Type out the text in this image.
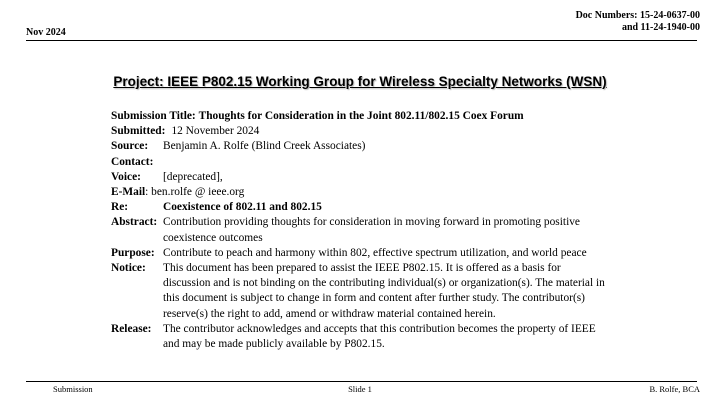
Doc Numbers: 15-24-0637-00
and 11-24-1940-00
Nov 2024
Project: IEEE P802.15 Working Group for Wireless Specialty Networks (WSN)
Submission Title: Thoughts for Consideration in the Joint 802.11/802.15 Coex Forum
Submitted: 12 November 2024
Source: Benjamin A. Rolfe (Blind Creek Associates)
Contact:
Voice: [deprecated],
E-Mail: ben.rolfe @ ieee.org
Re:	Coexistence of 802.11 and 802.15
Abstract: Contribution providing thoughts for consideration in moving forward in promoting positive coexistence outcomes
Purpose: Contribute to peach and harmony within 802, effective spectrum utilization, and world peace
Notice: This document has been prepared to assist the IEEE P802.15. It is offered as a basis for discussion and is not binding on the contributing individual(s) or organization(s). The material in this document is subject to change in form and content after further study. The contributor(s) reserve(s) the right to add, amend or withdraw material contained herein.
Release: The contributor acknowledges and accepts that this contribution becomes the property of IEEE and may be made publicly available by P802.15.
Submission	Slide 1	B. Rolfe, BCA
